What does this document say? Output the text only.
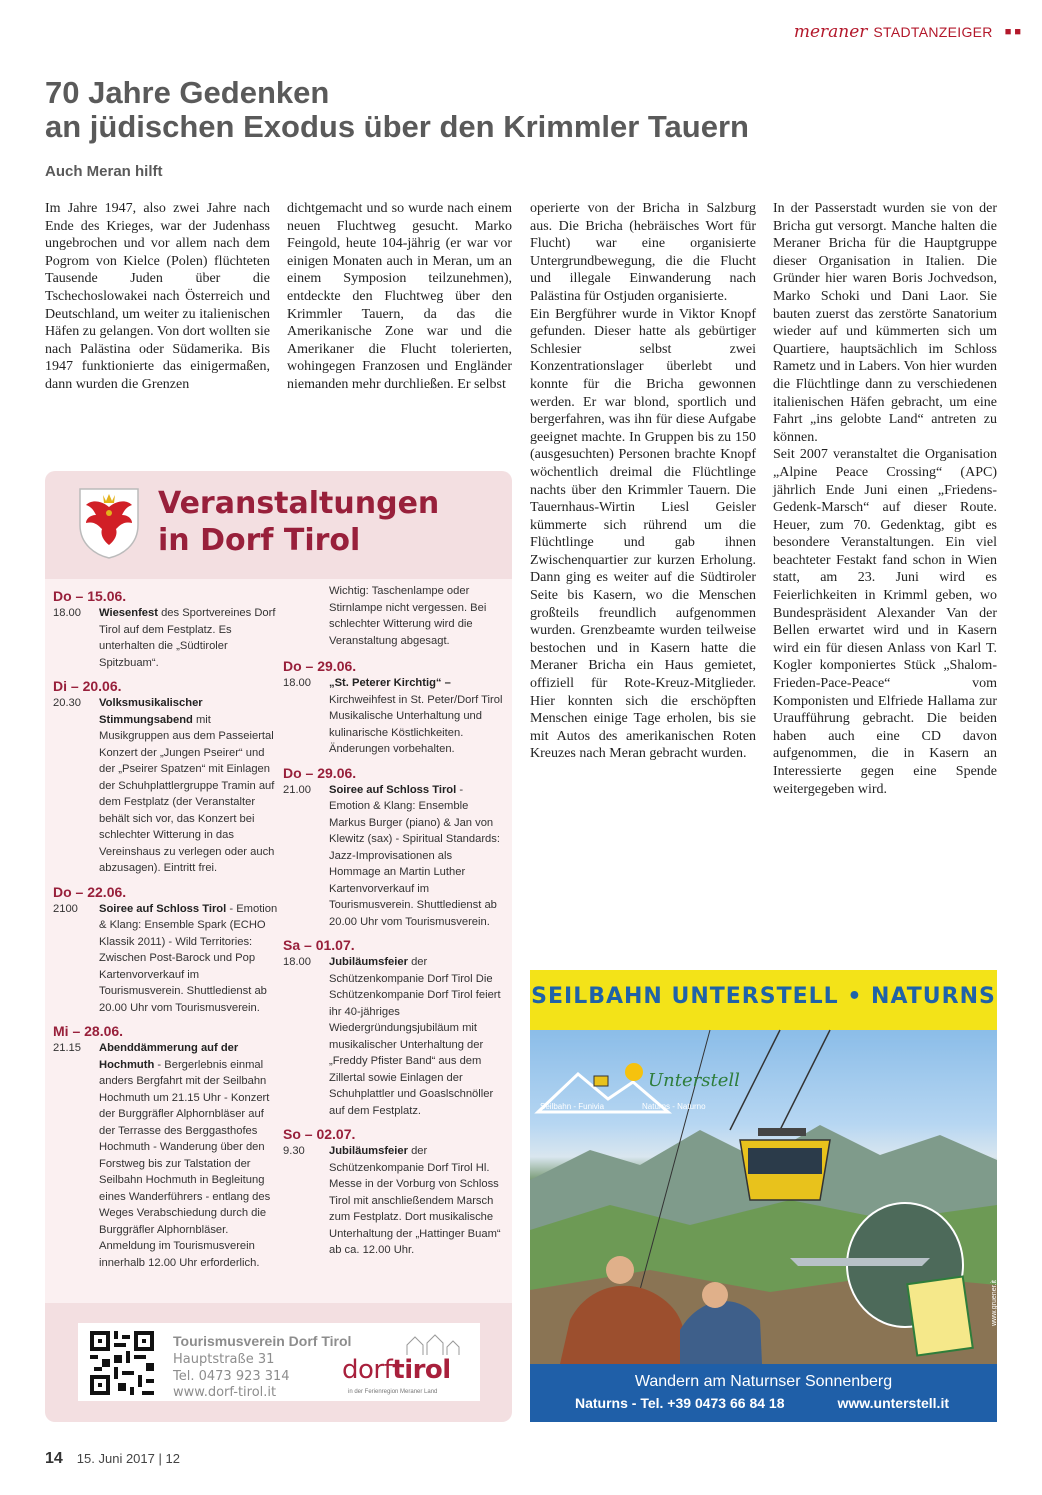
meraner STADTANZEIGER ■■
70 Jahre Gedenken
an jüdischen Exodus über den Krimmler Tauern
Auch Meran hilft

Im Jahre 1947, also zwei Jahre nach Ende des Krieges, war der Judenhass ungebrochen und vor allem nach dem Pogrom von Kielce (Polen) flüchteten Tausende Juden über die Tschechoslowakei nach Österreich und Deutschland, um weiter zu italienischen Häfen zu gelangen. Von dort wollten sie nach Palästina oder Südamerika. Bis 1947 funktionierte das einigermaßen, dann wurden die Grenzen

dichtgemacht und so wurde nach einem neuen Fluchtweg gesucht. Marko Feingold, heute 104-jährig (er war vor einigen Monaten auch in Meran, um an einem Symposion teilzunehmen), entdeckte den Fluchtweg über den Krimmler Tauern, da das die Amerikanische Zone war und die Amerikaner die Flucht tolerierten, wohingegen Franzosen und Engländer niemanden mehr durchließen. Er selbst

operierte von der Bricha in Salzburg aus. Die Bricha (hebräisches Wort für Flucht) war eine organisierte Untergrundbewegung, die die Flucht und illegale Einwanderung nach Palästina für Ostjuden organisierte.

Ein Bergführer wurde in Viktor Knopf gefunden. Dieser hatte als gebürtiger Schlesier selbst zwei Konzentrationslager überlebt und konnte für die Bricha gewonnen werden. Er war blond, sportlich und bergerfahren, was ihn für diese Aufgabe geeignet machte. In Gruppen bis zu 150 (ausgesuchten) Personen brachte Knopf wöchentlich dreimal die Flüchtlinge nachts über den Krimmler Tauern. Die Tauernhaus-Wirtin Liesl Geisler kümmerte sich rührend um die Flüchtlinge und gab ihnen Zwischenquartier zur kurzen Erholung. Dann ging es weiter auf die Südtiroler Seite bis Kasern, wo die Menschen großteils freundlich aufgenommen wurden. Grenzbeamte wurden teilweise bestochen und in Kasern hatte die Meraner Bricha ein Haus gemietet, offiziell für Rote-Kreuz-Mitglieder. Hier konnten sich die erschöpften Menschen einige Tage erholen, bis sie mit Autos des amerikanischen Roten Kreuzes nach Meran gebracht wurden.

In der Passerstadt wurden sie von der Bricha gut versorgt. Manche halten die Meraner Bricha für die Hauptgruppe dieser Organisation in Italien. Die Gründer hier waren Boris Jochvedson, Marko Schoki und Dani Laor. Sie bauten zuerst das zerstörte Sanatorium wieder auf und kümmerten sich um Quartiere, hauptsächlich im Schloss Rametz und in Labers. Von hier wurden die Flüchtlinge dann zu verschiedenen italienischen Häfen gebracht, um eine Fahrt „ins gelobte Land“ antreten zu können.

Seit 2007 veranstaltet die Organisation „Alpine Peace Crossing“ (APC) jährlich Ende Juni einen „Friedens-Gedenk-Marsch“ auf dieser Route. Heuer, zum 70. Gedenktag, gibt es besondere Veranstaltungen. Ein viel beachteter Festakt fand schon in Wien statt, am 23. Juni wird es Feierlichkeiten in Krimml geben, wo Bundespräsident Alexander Van der Bellen erwartet wird und in Kasern wird ein für diesen Anlass von Karl T. Kogler komponiertes Stück „Shalom-Frieden-Pace-Peace“ vom Komponisten und Elfriede Hallama zur Uraufführung gebracht. Die beiden haben auch eine CD davon aufgenommen, die in Kasern an Interessierte gegen eine Spende weitergegeben wird.

Veranstaltungen
in Dorf Tirol
Do – 15.06.
18.00	Wiesenfest des Sportvereines Dorf Tirol auf dem Festplatz. Es unterhalten die „Südtiroler Spitzbuam“.
Di – 20.06.
20.30	Volksmusikalischer Stimmungsabend mit Musikgruppen aus dem Passeiertal Konzert der „Jungen Pseirer“ und der „Pseirer Spatzen“ mit Einlagen der Schuhplattlergruppe Tramin auf dem Festplatz (der Veranstalter behält sich vor, das Konzert bei schlechter Witterung in das Vereinshaus zu verlegen oder auch abzusagen). Eintritt frei.
Do – 22.06.
2100	Soiree auf Schloss Tirol - Emotion & Klang: Ensemble Spark (ECHO Klassik 2011) - Wild Territories: Zwischen Post-Barock und Pop Kartenvorverkauf im Tourismusverein. Shuttledienst ab 20.00 Uhr vom Tourismusverein.
Mi – 28.06.
21.15	Abenddämmerung auf der Hochmuth - Bergerlebnis einmal anders Bergfahrt mit der Seilbahn Hochmuth um 21.15 Uhr - Konzert der Burggräfler Alphornbläser auf der Terrasse des Berggasthofes Hochmuth - Wanderung über den Forstweg bis zur Talstation der Seilbahn Hochmuth in Begleitung eines Wanderführers - entlang des Weges Verabschiedung durch die Burggräfler Alphornbläser. Anmeldung im Tourismusverein innerhalb 12.00 Uhr erforderlich.
Wichtig: Taschenlampe oder Stirnlampe nicht vergessen. Bei schlechter Witterung wird die Veranstaltung abgesagt.
Do – 29.06.
18.00	„St. Peterer Kirchtig“ – Kirchweihfest in St. Peter/Dorf Tirol Musikalische Unterhaltung und kulinarische Köstlichkeiten. Änderungen vorbehalten.
Do – 29.06.
21.00	Soiree auf Schloss Tirol - Emotion & Klang: Ensemble Markus Burger (piano) & Jan von Klewitz (sax) - Spiritual Standards: Jazz-Improvisationen als Hommage an Martin Luther Kartenvorverkauf im Tourismusverein. Shuttledienst ab 20.00 Uhr vom Tourismusverein.
Sa – 01.07.
18.00	Jubiläumsfeier der Schützenkompanie Dorf Tirol Die Schützenkompanie Dorf Tirol feiert ihr 40-jähriges Wiedergründungsjubiläum mit musikalischer Unterhaltung der „Freddy Pfister Band“ aus dem Zillertal sowie Einlagen der Schuhplattler und Goaslschnöller auf dem Festplatz.
So – 02.07.
9.30	Jubiläumsfeier der Schützenkompanie Dorf Tirol Hl. Messe in der Vorburg von Schloss Tirol mit anschließendem Marsch zum Festplatz. Dort musikalische Unterhaltung der „Hattinger Buam“ ab ca. 12.00 Uhr.
Tourismusverein Dorf Tirol
Hauptstraße 31
Tel. 0473 923 314
www.dorf-tirol.it
dorftirol
in der Ferienregion Meraner Land
SEILBAHN UNTERSTELL • NATURNS
Unterstell
Seilbahn - Funivia	Naturns - Naturno
www.gruener.it
Wandern am Naturnser Sonnenberg
Naturns - Tel. +39 0473 66 84 18	www.unterstell.it
14 15. Juni 2017 | 12
